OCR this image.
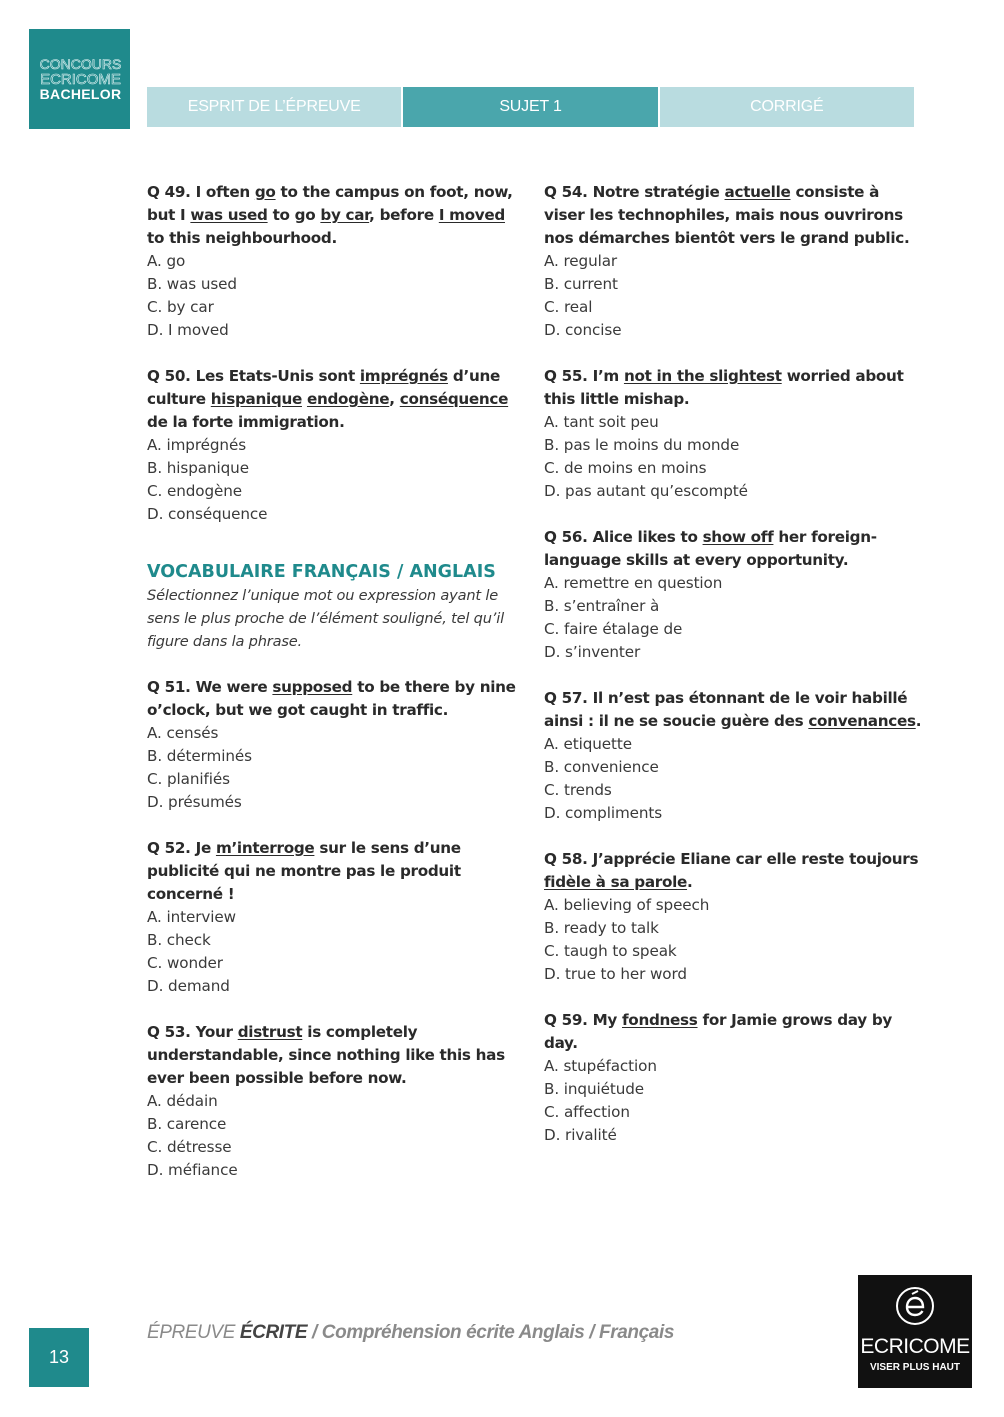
CONCOURS
ECRICOME
BACHELOR
ESPRIT DE L’ÉPREUVE	SUJET 1	CORRIGÉ
Q 49. I often go to the campus on foot, now, but I was used to go by car, before I moved to this neighbourhood.
A. go
B. was used
C. by car
D. I moved
Q 50. Les Etats-Unis sont imprégnés d’une culture hispanique endogène, conséquence de la forte immigration.
A. imprégnés
B. hispanique
C. endogène
D. conséquence
VOCABULAIRE FRANÇAIS / ANGLAIS
Sélectionnez l’unique mot ou expression ayant le sens le plus proche de l’élément souligné, tel qu’il figure dans la phrase.
Q 51. We were supposed to be there by nine o’clock, but we got caught in traffic.
A. censés
B. déterminés
C. planifiés
D. présumés
Q 52. Je m’interroge sur le sens d’une publicité qui ne montre pas le produit concerné !
A. interview
B. check
C. wonder
D. demand
Q 53. Your distrust is completely understandable, since nothing like this has ever been possible before now.
A. dédain
B. carence
C. détresse
D. méfiance
Q 54. Notre stratégie actuelle consiste à viser les technophiles, mais nous ouvrirons nos démarches bientôt vers le grand public.
A. regular
B. current
C. real
D. concise
Q 55. I’m not in the slightest worried about this little mishap.
A. tant soit peu
B. pas le moins du monde
C. de moins en moins
D. pas autant qu’escompté
Q 56. Alice likes to show off her foreign-language skills at every opportunity.
A. remettre en question
B. s’entraîner à
C. faire étalage de
D. s’inventer
Q 57. Il n’est pas étonnant de le voir habillé ainsi : il ne se soucie guère des convenances.
A. etiquette
B. convenience
C. trends
D. compliments
Q 58. J’apprécie Eliane car elle reste toujours fidèle à sa parole.
A. believing of speech
B. ready to talk
C. taugh to speak
D. true to her word
Q 59. My fondness for Jamie grows day by day.
A. stupéfaction
B. inquiétude
C. affection
D. rivalité
13
ÉPREUVE ÉCRITE / Compréhension écrite Anglais / Français
ECRICOME
VISER PLUS HAUT
